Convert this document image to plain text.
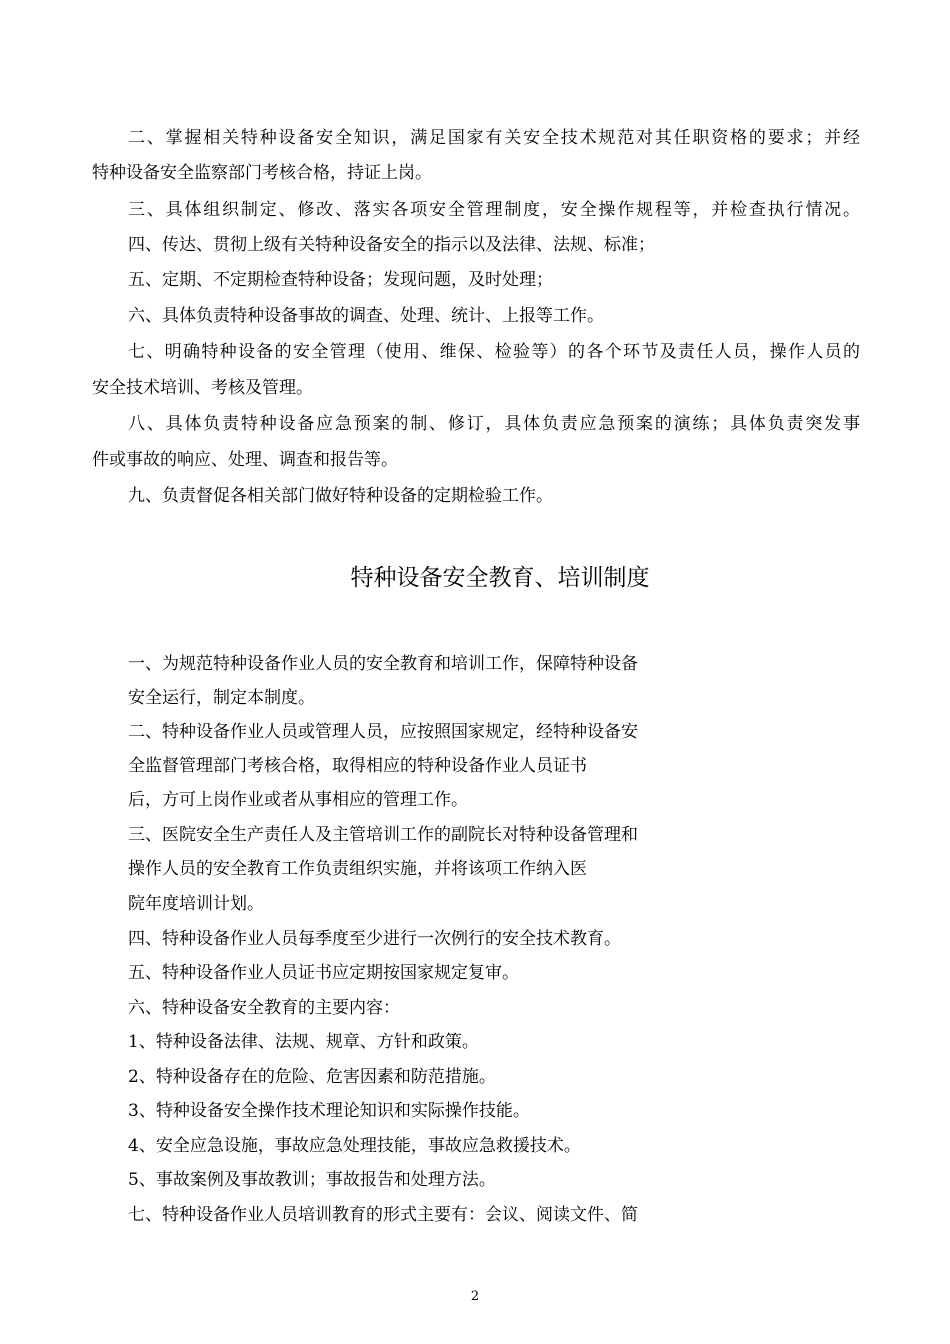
二、掌握相关特种设备安全知识，满足国家有关安全技术规范对其任职资格的要求；并经
特种设备安全监察部门考核合格，持证上岗。
三、具体组织制定、修改、落实各项安全管理制度，安全操作规程等，并检查执行情况。
四、传达、贯彻上级有关特种设备安全的指示以及法律、法规、标准；
五、定期、不定期检查特种设备；发现问题，及时处理；
六、具体负责特种设备事故的调查、处理、统计、上报等工作。
七、明确特种设备的安全管理（使用、维保、检验等）的各个环节及责任人员，操作人员的
安全技术培训、考核及管理。
八、具体负责特种设备应急预案的制、修订，具体负责应急预案的演练；具体负责突发事
件或事故的响应、处理、调查和报告等。
九、负责督促各相关部门做好特种设备的定期检验工作。
特种设备安全教育、培训制度
一、为规范特种设备作业人员的安全教育和培训工作，保障特种设备
安全运行，制定本制度。
二、特种设备作业人员或管理人员，应按照国家规定，经特种设备安
全监督管理部门考核合格，取得相应的特种设备作业人员证书
后，方可上岗作业或者从事相应的管理工作。
三、医院安全生产责任人及主管培训工作的副院长对特种设备管理和
操作人员的安全教育工作负责组织实施，并将该项工作纳入医
院年度培训计划。
四、特种设备作业人员每季度至少进行一次例行的安全技术教育。
五、特种设备作业人员证书应定期按国家规定复审。
六、特种设备安全教育的主要内容：
1、特种设备法律、法规、规章、方针和政策。
2、特种设备存在的危险、危害因素和防范措施。
3、特种设备安全操作技术理论知识和实际操作技能。
4、安全应急设施，事故应急处理技能，事故应急救援技术。
5、事故案例及事故教训；事故报告和处理方法。
七、特种设备作业人员培训教育的形式主要有：会议、阅读文件、简
2
